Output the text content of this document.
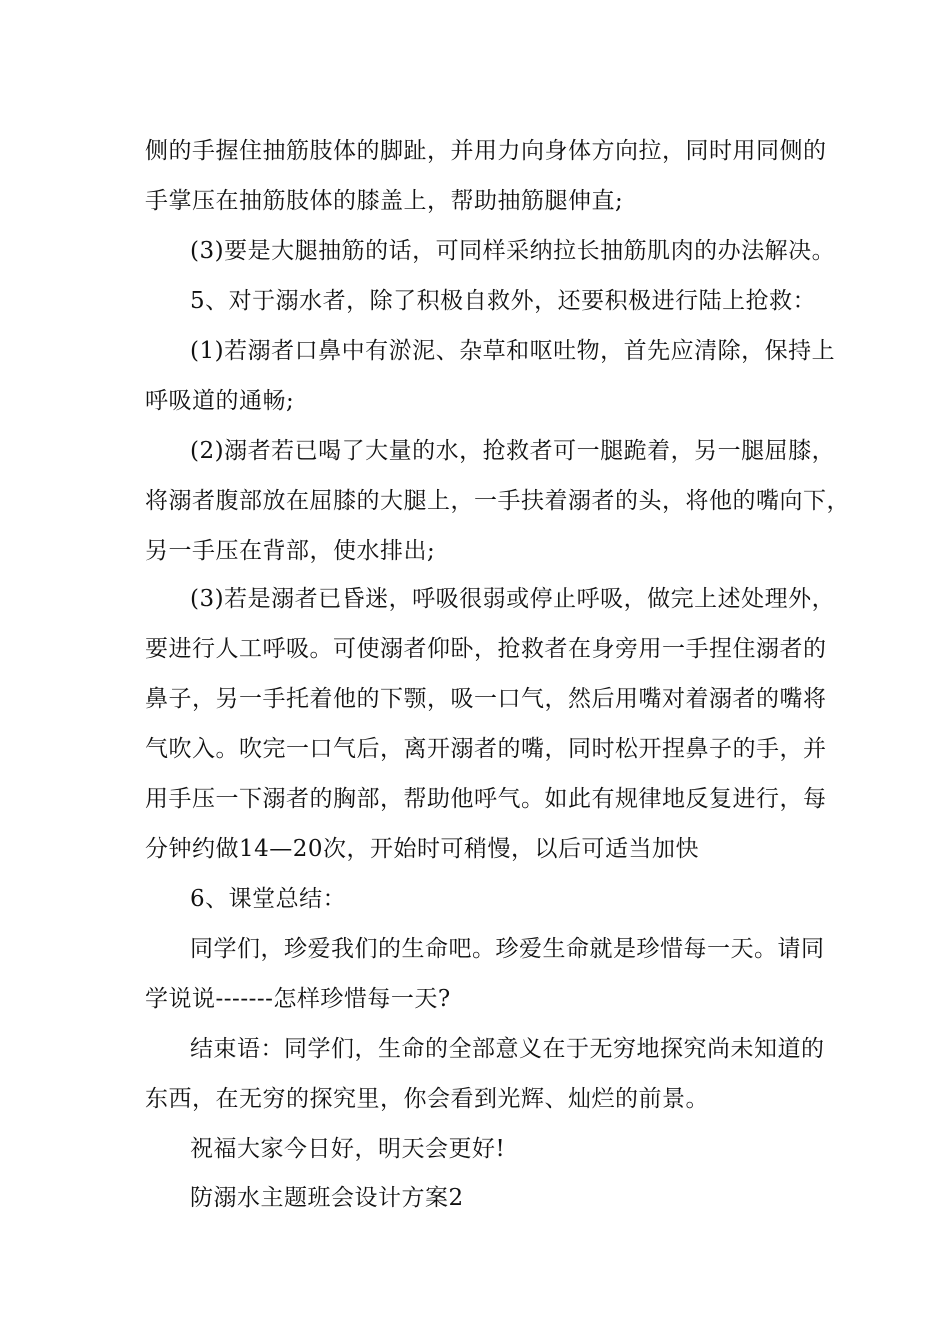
侧的手握住抽筋肢体的脚趾，并用力向身体方向拉，同时用同侧的
手掌压在抽筋肢体的膝盖上，帮助抽筋腿伸直;
(3)要是大腿抽筋的话，可同样采纳拉长抽筋肌肉的办法解决。
5、对于溺水者，除了积极自救外，还要积极进行陆上抢救：
(1)若溺者口鼻中有淤泥、杂草和呕吐物，首先应清除，保持上
呼吸道的通畅;
(2)溺者若已喝了大量的水，抢救者可一腿跪着，另一腿屈膝，
将溺者腹部放在屈膝的大腿上，一手扶着溺者的头，将他的嘴向下，
另一手压在背部，使水排出;
(3)若是溺者已昏迷，呼吸很弱或停止呼吸，做完上述处理外，
要进行人工呼吸。可使溺者仰卧，抢救者在身旁用一手捏住溺者的
鼻子，另一手托着他的下颚，吸一口气，然后用嘴对着溺者的嘴将
气吹入。吹完一口气后，离开溺者的嘴，同时松开捏鼻子的手，并
用手压一下溺者的胸部，帮助他呼气。如此有规律地反复进行，每
分钟约做14—20次，开始时可稍慢，以后可适当加快
6、课堂总结：
同学们，珍爱我们的生命吧。珍爱生命就是珍惜每一天。请同
学说说-------怎样珍惜每一天?
结束语：同学们，生命的全部意义在于无穷地探究尚未知道的
东西，在无穷的探究里，你会看到光辉、灿烂的前景。
祝福大家今日好，明天会更好!
防溺水主题班会设计方案2
